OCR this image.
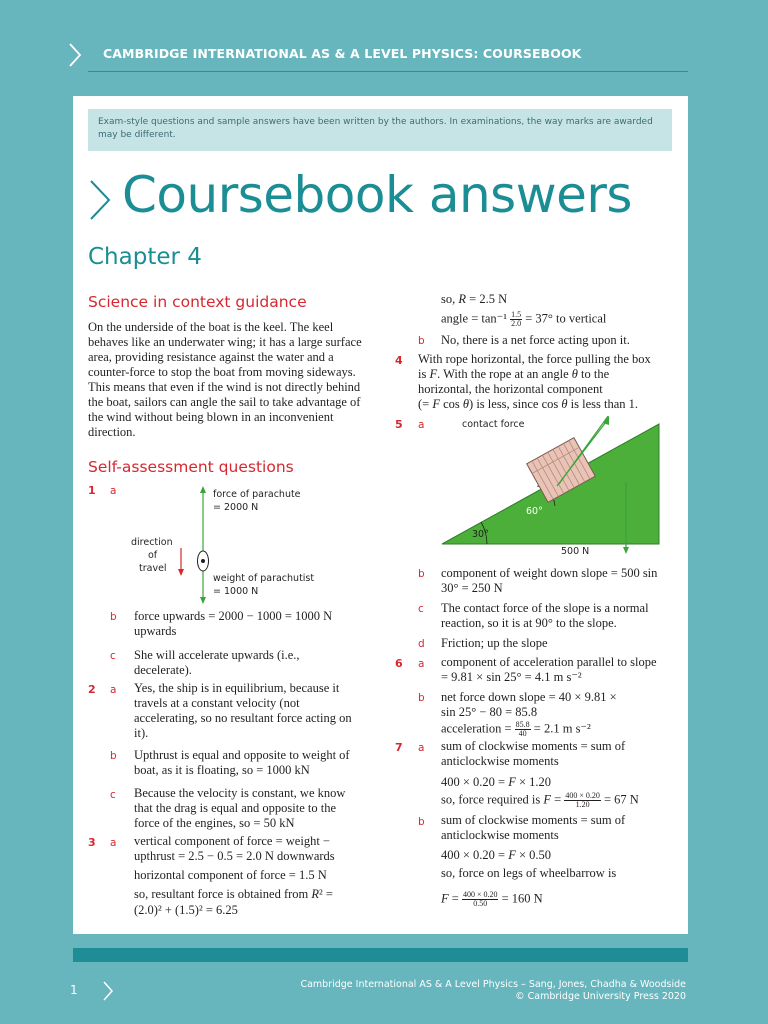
CAMBRIDGE INTERNATIONAL AS & A LEVEL PHYSICS: COURSEBOOK
Exam-style questions and sample answers have been written by the authors. In examinations, the way marks are awarded may be different.
Coursebook answers
Chapter 4
Science in context guidance
On the underside of the boat is the keel. The keel behaves like an underwater wing; it has a large surface area, providing resistance against the water and a counter-force to stop the boat from moving sideways. This means that even if the wind is not directly behind the boat, sailors can angle the sail to take advantage of the wind without being blown in an inconvenient direction.
Self-assessment questions
1 a	force of parachute
= 2000 N
direction
of
travel
weight of parachutist
= 1000 N
b force upwards = 2000 − 1000 = 1000 N upwards
c She will accelerate upwards (i.e., decelerate).
2 a Yes, the ship is in equilibrium, because it travels at a constant velocity (not accelerating, so no resultant force acting on it).
b Upthrust is equal and opposite to weight of boat, as it is floating, so = 1000 kN
c Because the velocity is constant, we know that the drag is equal and opposite to the force of the engines, so = 50 kN
3 a vertical component of force = weight − upthrust = 2.5 − 0.5 = 2.0 N downwards
horizontal component of force = 1.5 N
so, resultant force is obtained from R² =
(2.0)² + (1.5)² = 6.25
so, R = 2.5 N
angle = $\tan^{-1} \frac{1.5}{2.0} = 37^\circ$ to vertical
b No, there is a net force acting upon it.
4 With rope horizontal, the force pulling the box is F. With the rope at an angle θ to the horizontal, the horizontal component
(= F cos θ) is less, since cos θ is less than 1.
5 a	contact force
60°
30°
500 N
b component of weight down slope = 500 sin 30° = 250 N
c The contact force of the slope is a normal reaction, so it is at 90° to the slope.
d Friction; up the slope
6 a component of acceleration parallel to slope = 9.81 × sin 25° = 4.1 m s⁻²
b net force down slope = 40 × 9.81 ×
sin 25° − 80 = 85.8
acceleration = $\frac{85.8}{40} = 2.1$ m s⁻²
7 a sum of clockwise moments = sum of anticlockwise moments
400 × 0.20 = F × 1.20
so, force required is $F = \frac{400 \times 0.20}{1.20} = 67$ N
b sum of clockwise moments = sum of anticlockwise moments
400 × 0.20 = F × 0.50
so, force on legs of wheelbarrow is
$F = \frac{400 \times 0.20}{0.50} = 160$ N
1	Cambridge International AS & A Level Physics – Sang, Jones, Chadha & Woodside
© Cambridge University Press 2020
